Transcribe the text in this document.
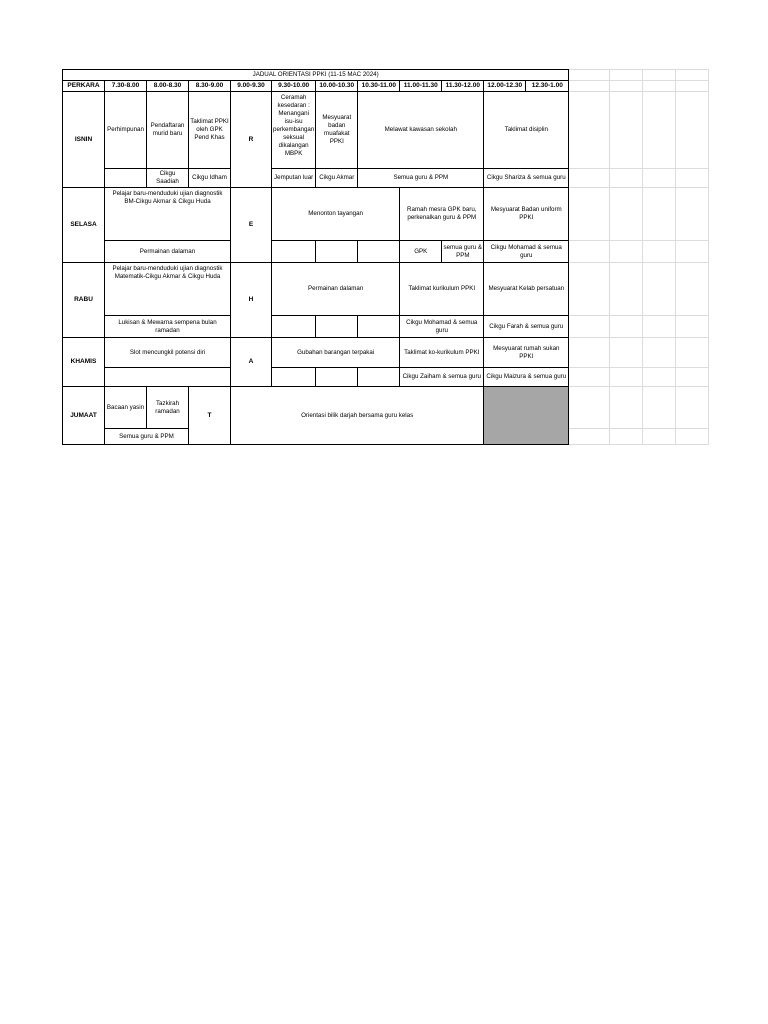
JADUAL ORIENTASI PPKI (11-15 MAC 2024)															
PERKARA	7.30-8.00	8.00-8.30	8.30-9.00	9.00-9.30	9.30-10.00	10.00-10.30	10.30-11.00	11.00-11.30	11.30-12.00	12.00-12.30	12.30-1.00				
ISNIN	Perhimpunan	Pendaftaran murid baru	Taklimat PPKI oleh GPK Pend Khas	R	Ceramah kesedaran : Menangani isu-isu perkembangan seksual dikalangan MBPK	Mesyuarat badan muafakat PPKI	Melawat kawasan sekolah			Taklimat disiplin					
		Cikgu Saadiah	Cikgu Idham		Jemputan luar	Cikgu Akmar	Semua guru & PPM			Cikgu Shariza & semua guru					
SELASA	Pelajar baru-menduduki ujian diagnostik BM-Cikgu Akmar & Cikgu Huda			E	Menonton tayangan			Ramah mesra GPK baru, perkenalkan guru & PPM		Mesyuarat Badan uniform PPKI					
	Permainan dalaman							GPK	semua guru & PPM	Cikgu Mohamad & semua guru					
RABU	Pelajar baru-menduduki ujian diagnostik Matematik-Cikgu Akmar & Cikgu Huda			H	Permainan dalaman			Taklimat kurikulum PPKI		Mesyuarat Kelab persatuan					
	Lukisan & Mewarna sempena bulan ramadan							Cikgu Mohamad & semua guru		Cikgu Farah & semua guru					
KHAMIS	Slot mencungkil potensi diri			A	Gubahan barangan terpakai			Taklimat ko-kurikulum PPKI		Mesyuarat rumah sukan PPKI					
								Cikgu Zaiham & semua guru		Cikgu Maizura & semua guru					
JUMAAT	Bacaan yasin	Tazkirah ramadan	T	Orientasi bilik darjah bersama guru kelas											
	Semua guru & PPM														
